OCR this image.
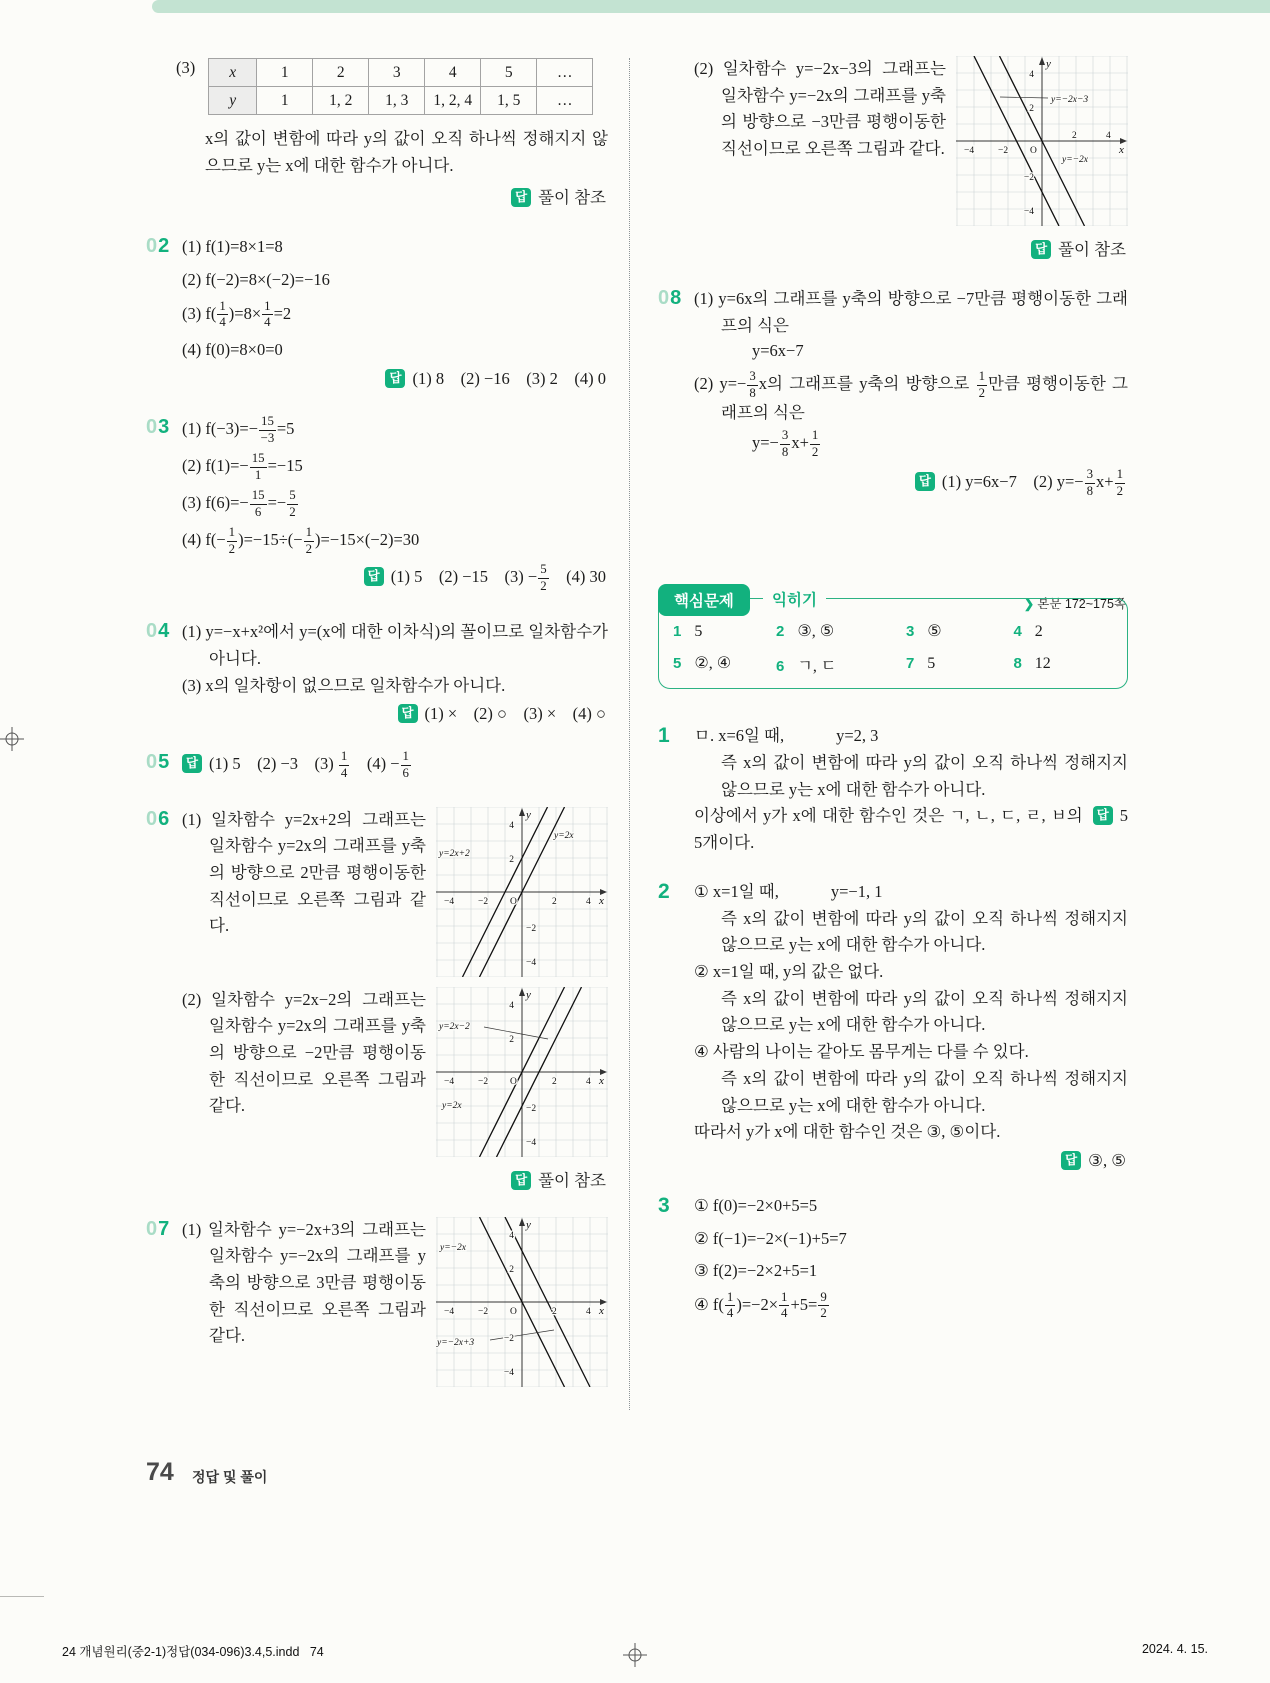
(3) x	1	2	3	4	5	…
y	1	1, 2	1, 3	1, 2, 4	1, 5	…

x의 값이 변함에 따라 y의 값이 오직 하나씩 정해지지 않으므로 y는 x에 대한 함수가 아니다.

답 풀이 참조

02 (1) f(1)=8×1=8

(2) f(−2)=8×(−2)=−16

(3) $f( \frac{1}{4} )=8\times \frac{1}{4} =2$

(4) f(0)=8×0=0

답 (1) 8 (2) −16 (3) 2 (4) 0

03 (1) $f(-3)=- \frac{15}{-3} =5$

(2) $f(1)=- \frac{15}{1} =-15$

(3) $f(6)=- \frac{15}{6} =- \frac{5}{2}$

(4) $f(- \frac{1}{2} )=-15\div(- \frac{1}{2} )=-15\times(-2)=30$

답 (1) 5 (2) −15 $(3) - \frac{5}{2}$  (4) 30

04 (1) y=−x+x²에서 y=(x에 대한 이차식)의 꼴이므로 일차함수가 아니다.

(3) x의 일차항이 없으므로 일차함수가 아니다.

답 (1) × (2) ○ (3) × (4) ○

05	답 (1) 5 (2) −3 $(3) \frac{1}{4}$  $(4) - \frac{1}{6}$

06 (1) 일차함수 y=2x+2의 그래프는 일차함수 y=2x의 그래프를 y축의 방향으로 2만큼 평행이동한 직선이므로 오른쪽 그림과 같다.

y
x
O
−4	−2	2	4
4
2
−2
−4
y=2x+2
y=2x

(2) 일차함수 y=2x−2의 그래프는 일차함수 y=2x의 그래프를 y축의 방향으로 −2만큼 평행이동한 직선이므로 오른쪽 그림과 같다.

y
x
O
−4	−2	2	4
4
2
−2
−4
y=2x−2
y=2x

답 풀이 참조

07 (1) 일차함수 y=−2x+3의 그래프는 일차함수 y=−2x의 그래프를 y축의 방향으로 3만큼 평행이동한 직선이므로 오른쪽 그림과 같다.

y
x
O
−4	−2	2	4
4
2
−2
−4
y=−2x
y=−2x+3

(2) 일차함수 y=−2x−3의 그래프는 일차함수 y=−2x의 그래프를 y축의 방향으로 −3만큼 평행이동한 직선이므로 오른쪽 그림과 같다.

y
x
O
−4	−2
2	4
4
2
−2
−4
y=−2x−3
y=−2x

답 풀이 참조

08 (1) y=6x의 그래프를 y축의 방향으로 −7만큼 평행이동한 그래프의 식은

y=6x−7

(2) $y=- \frac{3}{8}$ x의 그래프를 y축의 방향으로 $\frac{1}{2}$ 만큼 평행이동한 그래프의 식은

$y=- \frac{3}{8} x+ \frac{1}{2}$

답 (1) y=6x−7 (2) $y=- \frac{3}{8} x+ \frac{1}{2}$

❯ 본문 172~175쪽
핵심문제	익히기
1 5	2 ③, ⑤	3 ⑤	4 2
5 ②, ④	6 ㄱ, ㄷ	7 5	8 12
1	ㅁ. x=6일 때,	y=2, 3

즉 x의 값이 변함에 따라 y의 값이 오직 하나씩 정해지지 않으므로 y는 x에 대한 함수가 아니다.

답 5
이상에서 y가 x에 대한 함수인 것은 ㄱ, ㄴ, ㄷ, ㄹ, ㅂ의 5개이다.

2	① x=1일 때,	y=−1, 1

즉 x의 값이 변함에 따라 y의 값이 오직 하나씩 정해지지 않으므로 y는 x에 대한 함수가 아니다.

② x=1일 때, y의 값은 없다.

즉 x의 값이 변함에 따라 y의 값이 오직 하나씩 정해지지 않으므로 y는 x에 대한 함수가 아니다.

④ 사람의 나이는 같아도 몸무게는 다를 수 있다.

즉 x의 값이 변함에 따라 y의 값이 오직 하나씩 정해지지 않으므로 y는 x에 대한 함수가 아니다.

따라서 y가 x에 대한 함수인 것은 ③, ⑤이다.

답 ③, ⑤

3	① f(0)=−2×0+5=5

② f(−1)=−2×(−1)+5=7

③ f(2)=−2×2+5=1

④ $f( \frac{1}{4} )=-2\times \frac{1}{4} +5= \frac{9}{2}$

74 정답 및 풀이
24 개념원리(중2-1)정답(034-096)3.4,5.indd   74	2024. 4. 15.
